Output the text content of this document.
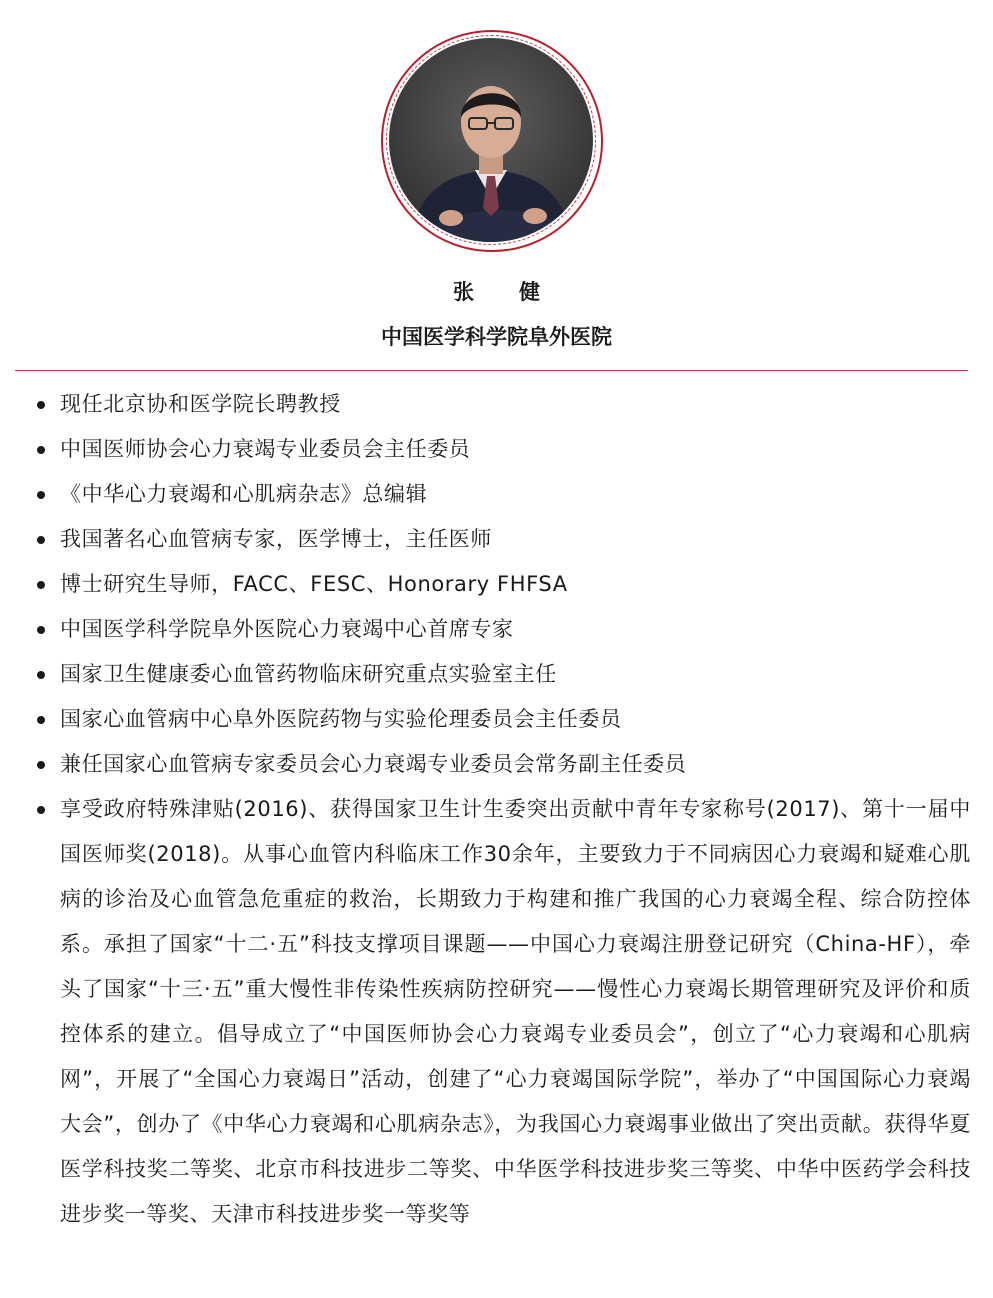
张　健
中国医学科学院阜外医院
现任北京协和医学院长聘教授
中国医师协会心力衰竭专业委员会主任委员
《中华心力衰竭和心肌病杂志》总编辑
我国著名心血管病专家，医学博士，主任医师
博士研究生导师，FACC、FESC、Honorary FHFSA
中国医学科学院阜外医院心力衰竭中心首席专家
国家卫生健康委心血管药物临床研究重点实验室主任
国家心血管病中心阜外医院药物与实验伦理委员会主任委员
兼任国家心血管病专家委员会心力衰竭专业委员会常务副主任委员
享受政府特殊津贴(2016)、获得国家卫生计生委突出贡献中青年专家称号(2017)、第十一届中国医师奖(2018)。从事心血管内科临床工作30余年，主要致力于不同病因心力衰竭和疑难心肌病的诊治及心血管急危重症的救治，长期致力于构建和推广我国的心力衰竭全程、综合防控体系。承担了国家“十二·五”科技支撑项目课题——中国心力衰竭注册登记研究（China-HF），牵头了国家“十三·五”重大慢性非传染性疾病防控研究——慢性心力衰竭长期管理研究及评价和质控体系的建立。倡导成立了“中国医师协会心力衰竭专业委员会”，创立了“心力衰竭和心肌病网”，开展了“全国心力衰竭日”活动，创建了“心力衰竭国际学院”，举办了“中国国际心力衰竭大会”，创办了《中华心力衰竭和心肌病杂志》，为我国心力衰竭事业做出了突出贡献。获得华夏医学科技奖二等奖、北京市科技进步二等奖、中华医学科技进步奖三等奖、中华中医药学会科技进步奖一等奖、天津市科技进步奖一等奖等
